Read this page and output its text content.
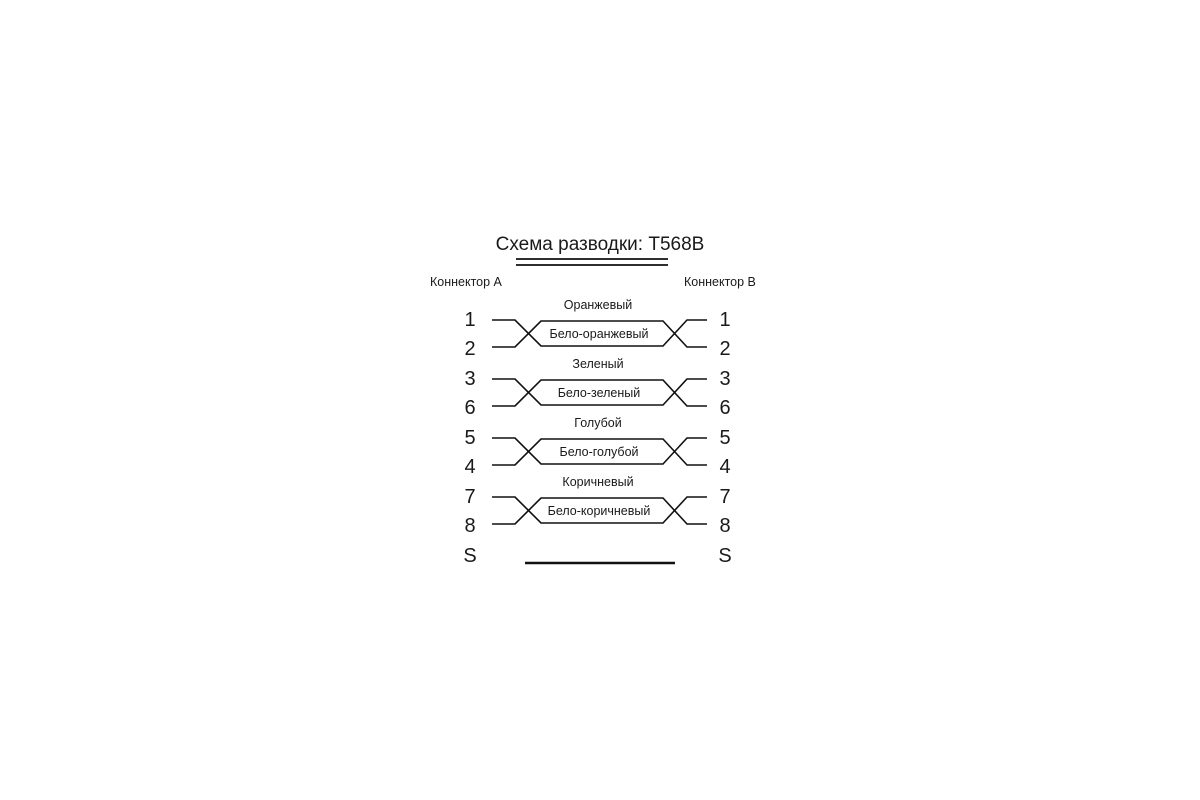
Схема разводки: T568B
Коннектор А	Коннектор В
Оранжевый
1
2
1
2
Бело-оранжевый
Зеленый
3
6
3
6
Бело-зеленый
Голубой
5
4
5
4
Бело-голубой
Коричневый
7
8
7
8
Бело-коричневый
S	S
